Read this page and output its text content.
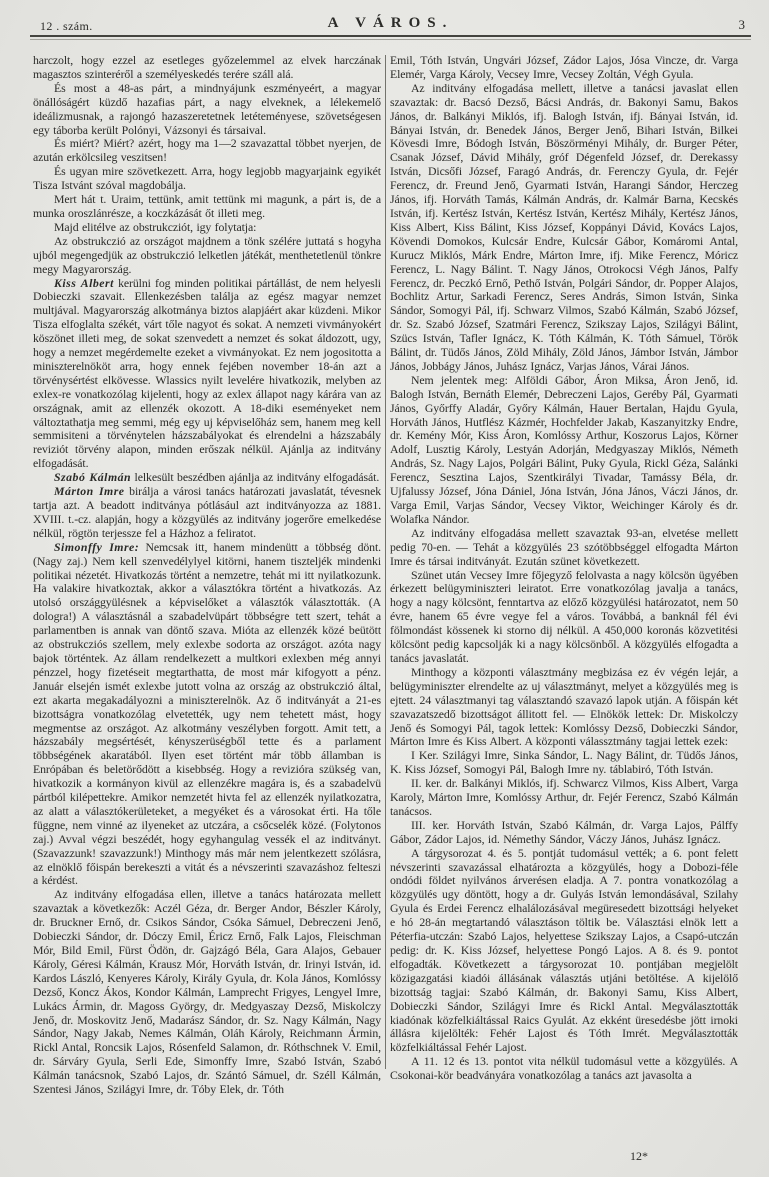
12 . szám.	A VÁROS.	3

harczolt, hogy ezzel az esetleges győzelemmel az elvek harczának magasztos szinteréről a személyeskedés terére száll alá.

És most a 48-as párt, a mindnyájunk eszményeért, a magyar önállóságért küzdő hazafias párt, a nagy elveknek, a lélekemelő ideálizmusnak, a rajongó hazaszeretetnek letéteményese, szövetségesen egy táborba került Polónyi, Vázsonyi és társaival.

És miért? Miért? azért, hogy ma 1—2 szavazattal többet nyerjen, de azután erkölcsileg veszitsen!

És ugyan mire szövetkezett. Arra, hogy legjobb magyarjaink egyikét Tisza Istvánt szóval magdobálja.

Mert hát t. Uraim, tettünk, amit tettünk mi magunk, a párt is, de a munka oroszlánrésze, a koczkázását őt illeti meg.

Majd elitélve az obstrukcziót, igy folytatja:

Az obstrukczió az országot majdnem a tönk szélére juttatá s hogyha ujból megengedjük az obstrukczió lelketlen játékát, menthetetlenül tönkre megy Magyarország.

Kiss Albert kerülni fog minden politikai pártállást, de nem helyesli Dobieczki szavait. Ellenkezésben találja az egész magyar nemzet multjával. Magyarország alkotmánya biztos alapjáért akar küzdeni. Mikor Tisza elfoglalta székét, várt tőle nagyot és sokat. A nemzeti vivmányokért köszönet illeti meg, de sokat szenvedett a nemzet és sokat áldozott, ugy, hogy a nemzet megérdemelte ezeket a vivmányokat. Ez nem jogositotta a miniszterelnököt arra, hogy ennek fejében november 18-án azt a törvénysértést elkövesse. Wlassics nyilt levelére hivatkozik, melyben az exlex-re vonatkozólag kijelenti, hogy az exlex állapot nagy kárára van az országnak, amit az ellenzék okozott. A 18-diki eseményeket nem változtathatja meg semmi, még egy uj képviselőház sem, hanem meg kell semmisiteni a törvénytelen házszabályokat és elrendelni a házszabály reviziót törvény alapon, minden erőszak nélkül. Ajánlja az inditvány elfogadását.

Szabó Kálmán lelkesült beszédben ajánlja az inditvány elfogadását.

Márton Imre birálja a városi tanács határozati javaslatát, tévesnek tartja azt. A beadott inditványa pótlásául azt inditványozza az 1881. XVIII. t.-cz. alapján, hogy a közgyülés az inditvány jogerőre emelkedése nélkül, rögtön terjessze fel a Házhoz a feliratot.

Simonffy Imre: Nemcsak itt, hanem mindenütt a többség dönt. (Nagy zaj.) Nem kell szenvedélylyel kitörni, hanem tiszteljék mindenki politikai nézetét. Hivatkozás történt a nemzetre, tehát mi itt nyilatkozunk. Ha valakire hivatkoztak, akkor a választókra történt a hivatkozás. Az utolsó országgyülésnek a képviselőket a választók választották. (A dologra!) A választásnál a szabadelvüpárt többségre tett szert, tehát a parlamentben is annak van döntő szava. Mióta az ellenzék közé beütött az obstrukcziós szellem, mely exlexbe sodorta az országot. azóta nagy bajok történtek. Az állam rendelkezett a multkori exlexben még annyi pénzzel, hogy fizetéseit megtarthatta, de most már kifogyott a pénz. Január elsején ismét exlexbe jutott volna az ország az obstrukczió által, ezt akarta megakadályozni a miniszterelnök. Az ő inditványát a 21-es bizottságra vonatkozólag elvetették, ugy nem tehetett mást, hogy megmentse az országot. Az alkotmány veszélyben forgott. Amit tett, a házszabály megsértését, kényszerüségből tette és a parlament többségének akaratából. Ilyen eset történt már több államban is Enrópában és beletörődött a kisebbség. Hogy a revizióra szükség van, hivatkozik a kormányon kivül az ellenzékre magára is, és a szabadelvü pártból kilépettekre. Amikor nemzetét hivta fel az ellenzék nyilatkozatra, az alatt a választókerületeket, a megyéket és a városokat érti. Ha tőle függne, nem vinné az ilyeneket az utczára, a csőcselék közé. (Folytonos zaj.) Avval végzi beszédét, hogy egyhangulag vessék el az inditványt. (Szavazzunk! szavazzunk!) Minthogy más már nem jelentkezett szólásra, az elnöklő főispán berekeszti a vitát és a névszerinti szavazáshoz felteszi a kérdést.

Az inditvány elfogadása ellen, illetve a tanács határozata mellett szavaztak a következők: Aczél Géza, dr. Berger Andor, Bészler Károly, dr. Bruckner Ernő, dr. Csikos Sándor, Csóka Sámuel, Debreczeni Jenő, Dobieczki Sándor, dr. Dóczy Emil, Éricz Ernő, Falk Lajos, Fleischman Mór, Bild Emil, Fürst Ödön, dr. Gajzágó Béla, Gara Alajos, Gebauer Károly, Géresi Kálmán, Krausz Mór, Horváth István, dr. Irinyi István, id. Kardos László, Kenyeres Károly, Király Gyula, dr. Kola János, Komlóssy Dezső, Koncz Ákos, Kondor Kálmán, Lamprecht Frigyes, Lengyel Imre, Lukács Ármin, dr. Magoss György, dr. Medgyaszay Dezső, Miskolczy Jenő, dr. Moskovitz Jenő, Madarász Sándor, dr. Sz. Nagy Kálmán, Nagy Sándor, Nagy Jakab, Nemes Kálmán, Oláh Károly, Reichmann Ármin, Rickl Antal, Roncsik Lajos, Rósenfeld Salamon, dr. Róthschnek V. Emil, dr. Sárváry Gyula, Serli Ede, Simonffy Imre, Szabó István, Szabó Kálmán tanácsnok, Szabó Lajos, dr. Szántó Sámuel, dr. Széll Kálmán, Szentesi János, Szilágyi Imre, dr. Tóby Elek, dr. Tóth

Emil, Tóth István, Ungvári József, Zádor Lajos, Jósa Vincze, dr. Varga Elemér, Varga Károly, Vecsey Imre, Vecsey Zoltán, Végh Gyula.

Az inditvány elfogadása mellett, illetve a tanácsi javaslat ellen szavaztak: dr. Bacsó Dezső, Bácsi András, dr. Bakonyi Samu, Bakos János, dr. Balkányi Miklós, ifj. Balogh István, ifj. Bányai István, id. Bányai István, dr. Benedek János, Berger Jenő, Bihari István, Bilkei Kövesdi Imre, Bódogh István, Böszörményi Mihály, dr. Burger Péter, Csanak József, Dávid Mihály, gróf Dégenfeld József, dr. Derekassy István, Dicsőfi József, Faragó András, dr. Ferenczy Gyula, dr. Fejér Ferencz, dr. Freund Jenő, Gyarmati István, Harangi Sándor, Herczeg János, ifj. Horváth Tamás, Kálmán András, dr. Kalmár Barna, Kecskés István, ifj. Kertész István, Kertész István, Kertész Mihály, Kertész János, Kiss Albert, Kiss Bálint, Kiss József, Koppányi Dávid, Kovács Lajos, Kövendi Domokos, Kulcsár Endre, Kulcsár Gábor, Komáromi Antal, Kurucz Miklós, Márk Endre, Márton Imre, ifj. Mike Ferencz, Móricz Ferencz, L. Nagy Bálint. T. Nagy János, Otrokocsi Végh János, Palfy Ferencz, dr. Peczkó Ernő, Pethő István, Polgári Sándor, dr. Popper Alajos, Bochlitz Artur, Sarkadi Ferencz, Seres András, Simon István, Sinka Sándor, Somogyi Pál, ifj. Schwarz Vilmos, Szabó Kálmán, Szabó József, dr. Sz. Szabó József, Szatmári Ferencz, Szikszay Lajos, Szilágyi Bálint, Szücs István, Tafler Ignácz, K. Tóth Kálmán, K. Tóth Sámuel, Török Bálint, dr. Tüdős János, Zöld Mihály, Zöld János, Jámbor István, Jámbor János, Jobbágy János, Juhász Ignácz, Varjas János, Várai János.

Nem jelentek meg: Alföldi Gábor, Áron Miksa, Áron Jenő, id. Balogh István, Bernáth Elemér, Debreczeni Lajos, Geréby Pál, Gyarmati János, Győrffy Aladár, Győry Kálmán, Hauer Bertalan, Hajdu Gyula, Horváth János, Hutflész Kázmér, Hochfelder Jakab, Kaszanyitzky Endre, dr. Kemény Mór, Kiss Áron, Komlóssy Arthur, Koszorus Lajos, Körner Adolf, Lusztig Károly, Lestyán Adorján, Medgyaszay Miklós, Németh András, Sz. Nagy Lajos, Polgári Bálint, Puky Gyula, Rickl Géza, Salánki Ferencz, Sesztina Lajos, Szentkirályi Tivadar, Tamássy Béla, dr. Ujfalussy József, Jóna Dániel, Jóna István, Jóna János, Váczi János, dr. Varga Emil, Varjas Sándor, Vecsey Viktor, Weichinger Károly és dr. Wolafka Nándor.

Az inditvány elfogadása mellett szavaztak 93-an, elvetése mellett pedig 70-en. — Tehát a közgyülés 23 szótöbbséggel elfogadta Márton Imre és társai inditványát. Ezután szünet következett.

Szünet után Vecsey Imre főjegyző felolvasta a nagy kölcsön ügyében érkezett belügyminiszteri leiratot. Erre vonatkozólag javalja a tanács, hogy a nagy kölcsönt, fenntartva az előző közgyülési határozatot, nem 50 évre, hanem 65 évre vegye fel a város. Továbbá, a banknál fél évi fölmondást kössenek ki storno dij nélkül. A 450,000 koronás közvetitési kölcsönt pedig kapcsolják ki a nagy kölcsönből. A közgyülés elfogadta a tanács javaslatát.

Minthogy a központi választmány megbizása ez év végén lejár, a belügyminiszter elrendelte az uj választmányt, melyet a közgyülés meg is ejtett. 24 választmanyi tag választandó szavazó lapok utján. A főispán két szavazatszedő bizottságot állitott fel. — Elnökök lettek: Dr. Miskolczy Jenő és Somogyi Pál, tagok lettek: Komlóssy Dezső, Dobieczki Sándor, Márton Imre és Kiss Albert. A központi válassztmány tagjai lettek ezek:

I Ker. Szilágyi Imre, Sinka Sándor, L. Nagy Bálint, dr. Tüdős János, K. Kiss József, Somogyi Pál, Balogh Imre ny. táblabiró, Tóth István.

II. ker. dr. Balkányi Miklós, ifj. Schwarcz Vilmos, Kiss Albert, Varga Karoly, Márton Imre, Komlóssy Arthur, dr. Fejér Ferencz, Szabó Kálmán tanácsos.

III. ker. Horváth István, Szabó Kálmán, dr. Varga Lajos, Pálffy Gábor, Zádor Lajos, id. Némethy Sándor, Váczy János, Juhász Ignácz.

A tárgysorozat 4. és 5. pontját tudomásul vették; a 6. pont felett névszerinti szavazással elhatározta a közgyülés, hogy a Dobozi-féle ondódi földet nyilvános árverésen eladja. A 7. pontra vonatkozólag a közgyülés ugy döntött, hogy a dr. Gulyás István lemondásával, Szilahy Gyula és Erdei Ferencz elhalálozásával megüresedett bizottsági helyeket e hó 28-án megtartandó választáson töltik be. Választási elnök lett a Péterfia-utczán: Szabó Lajos, helyettese Szikszay Lajos, a Csapó-utczán pedig: dr. K. Kiss József, helyettese Pongó Lajos. A 8. és 9. pontot elfogadták. Következett a tárgysorozat 10. pontjában megjelölt közigazgatási kiadói állásának választás utjáni betöltése. A kijelölő bizottság tagjai: Szabó Kálmán, dr. Bakonyi Samu, Kiss Albert, Dobieczki Sándor, Szilágyi Imre és Rickl Antal. Megválasztották kiadónak közfelkiáltással Raics Gyulát. Az ekként üresedésbe jött irnoki állásra kijelölték: Fehér Lajost és Tóth Imrét. Megválasztották közfelkiáltással Fehér Lajost.

A 11. 12 és 13. pontot vita nélkül tudomásul vette a közgyülés. A Csokonai-kör beadványára vonatkozólag a tanács azt javasolta a

12*
